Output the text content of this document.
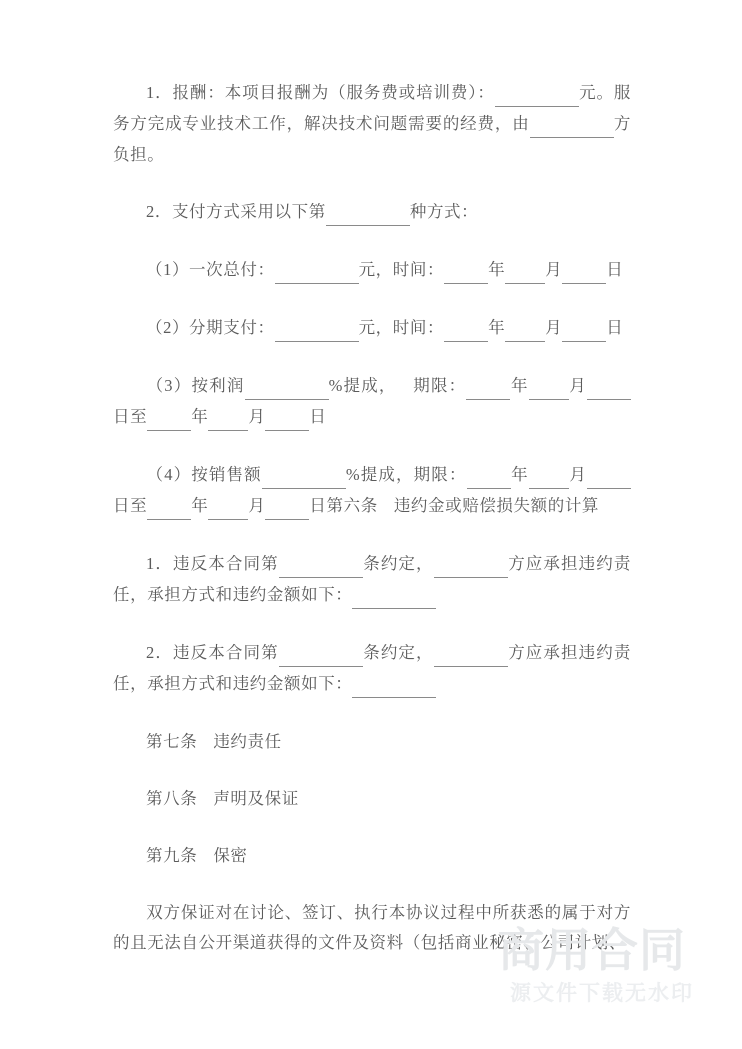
1．报酬：本项目报酬为（服务费或培训费）：	元。服务方完成专业技术工作，解决技术问题需要的经费，由	方负担。

2．支付方式采用以下第	种方式：

（1）一次总付：	元，时间：	年 月	日

（2）分期支付：	元，时间：	年 月	日

（3）按利润	%提成， 期限：	年 月 日至	年 月	日

（4）按销售额	%提成，期限：	年 月 日至	年 月	日第六条 违约金或赔偿损失额的计算

1．违反本合同第	条约定，	方应承担违约责任，承担方式和违约金额如下：

2．违反本合同第	条约定，	方应承担违约责任，承担方式和违约金额如下：

第七条 违约责任

第八条 声明及保证

第九条 保密

双方保证对在讨论、签订、执行本协议过程中所获悉的属于对方的且无法自公开渠道获得的文件及资料（包括商业秘密、公司计划、

商用合同
源文件下载无水印
